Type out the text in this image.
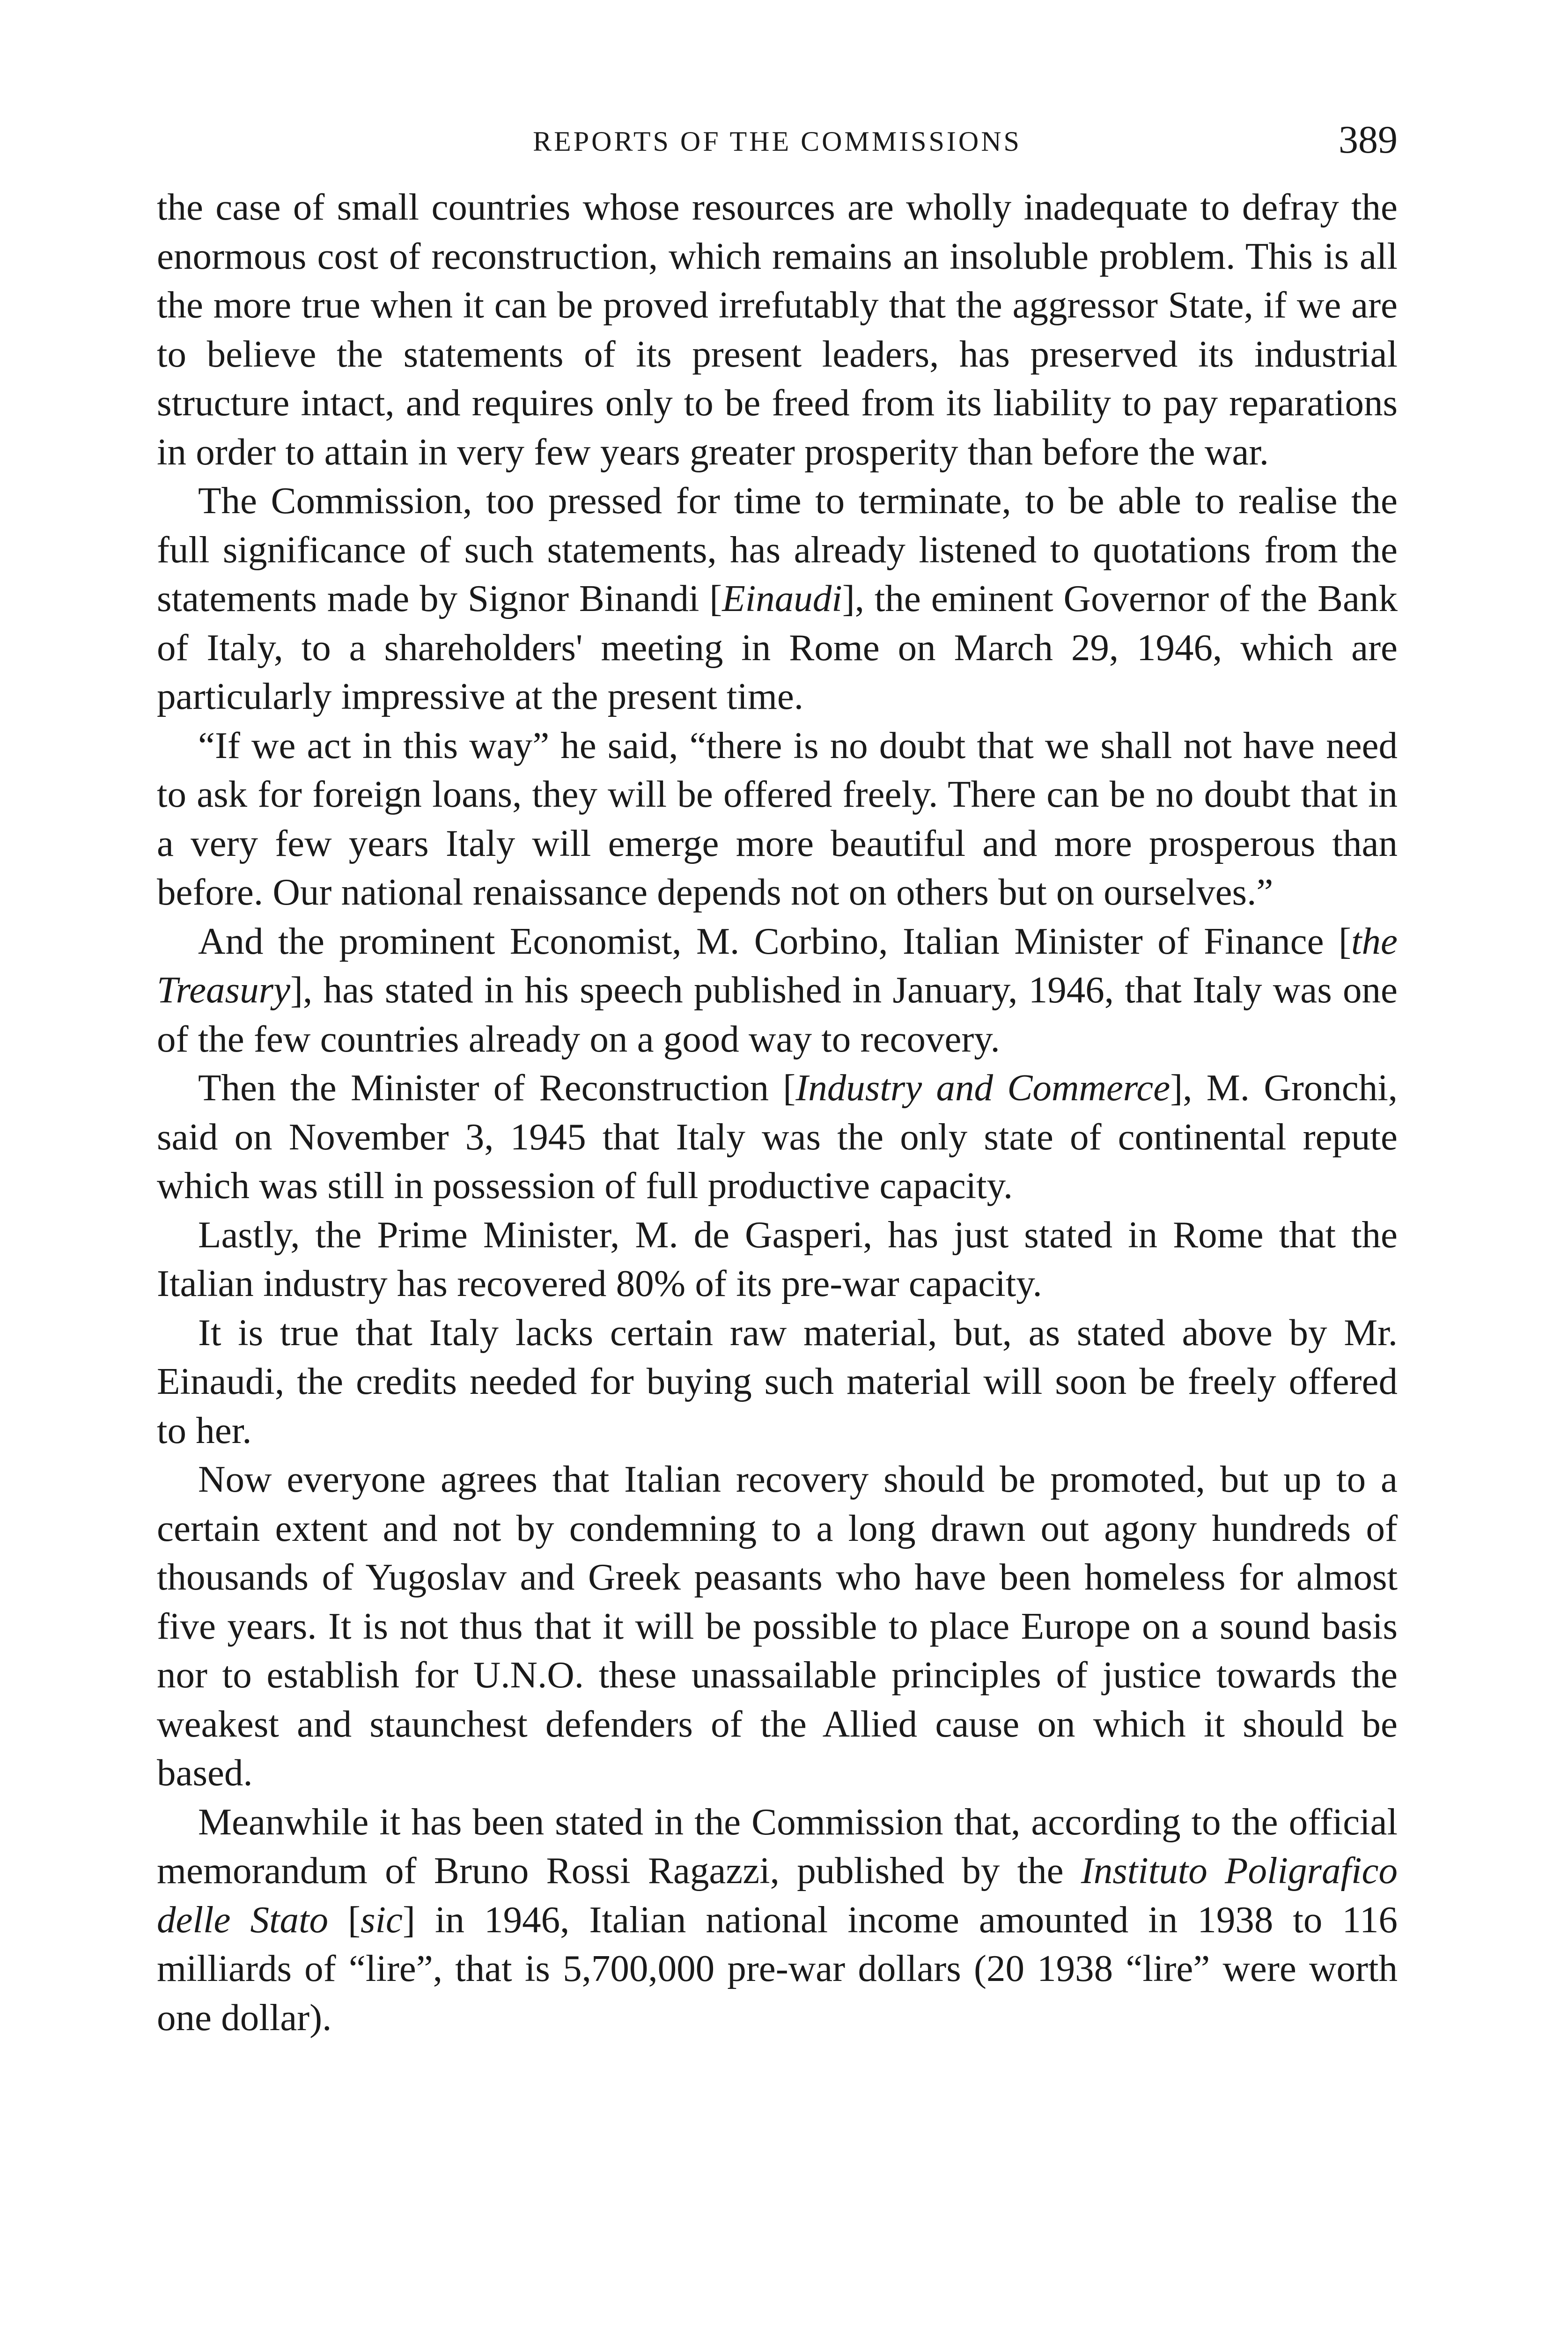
REPORTS OF THE COMMISSIONS	389

the case of small countries whose resources are wholly inadequate to defray the enormous cost of reconstruction, which remains an insoluble problem. This is all the more true when it can be proved irrefutably that the aggressor State, if we are to believe the statements of its present leaders, has preserved its industrial structure intact, and requires only to be freed from its liability to pay reparations in order to attain in very few years greater prosperity than before the war.

The Commission, too pressed for time to terminate, to be able to realise the full significance of such statements, has already listened to quotations from the statements made by Signor Binandi [Einaudi], the eminent Governor of the Bank of Italy, to a shareholders' meeting in Rome on March 29, 1946, which are particularly impressive at the present time.

“If we act in this way” he said, “there is no doubt that we shall not have need to ask for foreign loans, they will be offered freely. There can be no doubt that in a very few years Italy will emerge more beautiful and more prosperous than before. Our national renaissance depends not on others but on ourselves.”

And the prominent Economist, M. Corbino, Italian Minister of Finance [the Treasury], has stated in his speech published in January, 1946, that Italy was one of the few countries already on a good way to recovery.

Then the Minister of Reconstruction [Industry and Commerce], M. Gronchi, said on November 3, 1945 that Italy was the only state of continental repute which was still in possession of full productive capacity.

Lastly, the Prime Minister, M. de Gasperi, has just stated in Rome that the Italian industry has recovered 80% of its pre-war capacity.

It is true that Italy lacks certain raw material, but, as stated above by Mr. Einaudi, the credits needed for buying such material will soon be freely offered to her.

Now everyone agrees that Italian recovery should be promoted, but up to a certain extent and not by condemning to a long drawn out agony hundreds of thousands of Yugoslav and Greek peasants who have been homeless for almost five years. It is not thus that it will be possible to place Europe on a sound basis nor to establish for U.N.O. these unassailable principles of justice towards the weakest and staunchest defenders of the Allied cause on which it should be based.

Meanwhile it has been stated in the Commission that, according to the official memorandum of Bruno Rossi Ragazzi, published by the Instituto Poligrafico delle Stato [sic] in 1946, Italian national income amounted in 1938 to 116 milliards of “lire”, that is 5,700,000 pre-war dollars (20 1938 “lire” were worth one dollar).
